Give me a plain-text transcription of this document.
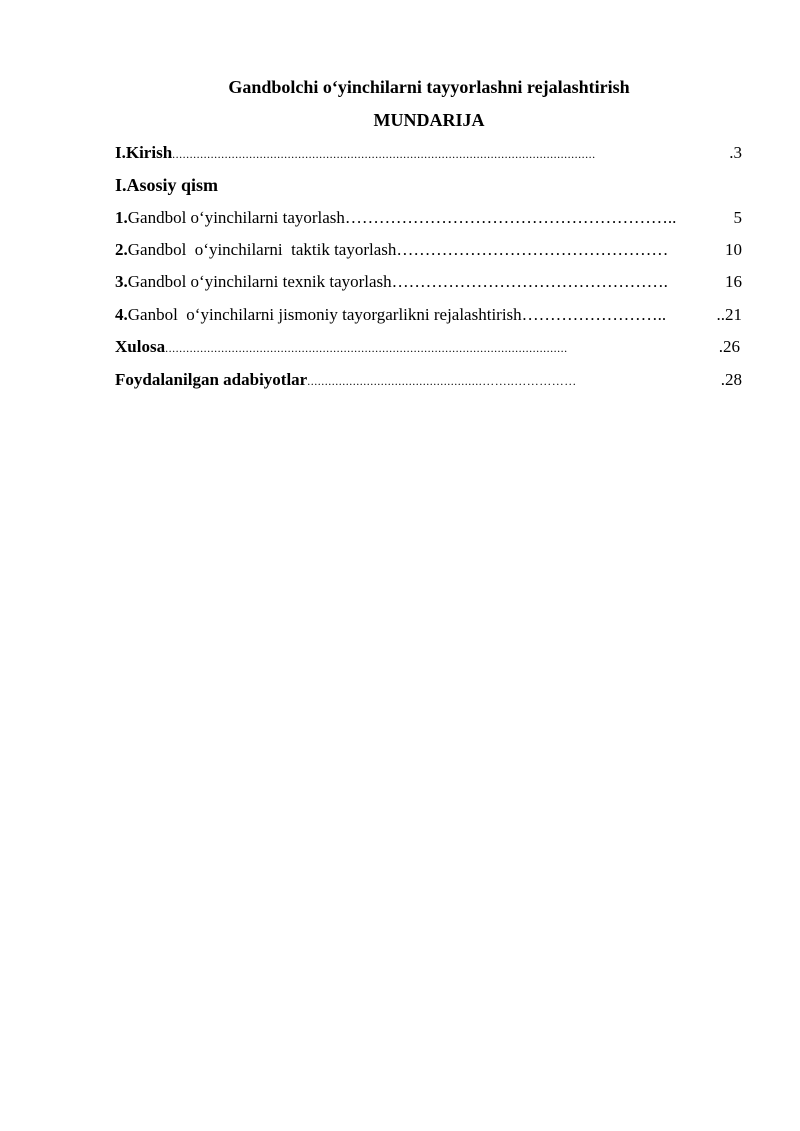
Gandbolchi o‘yinchilarni tayyorlashni rejalashtirish
MUNDARIJA
I.Kirish .........................................................................................................................	.3
I.Asosiy qism
1. Gandbol o‘yinchilarni tayorlash …………………………………………………..	5
2. Gandbol  o‘yinchilarni  taktik tayorlash …………………………………………	10
3. Gandbol o‘yinchilarni texnik tayorlash ………………………………………….	16
4. Ganbol  o‘yinchilarni jismoniy tayorgarlikni rejalashtirish ……………………..	..21
Xulosa ...................................................................................................................	.26
Foydalanilgan adabiyotlar ..................................................……..……………	.28
